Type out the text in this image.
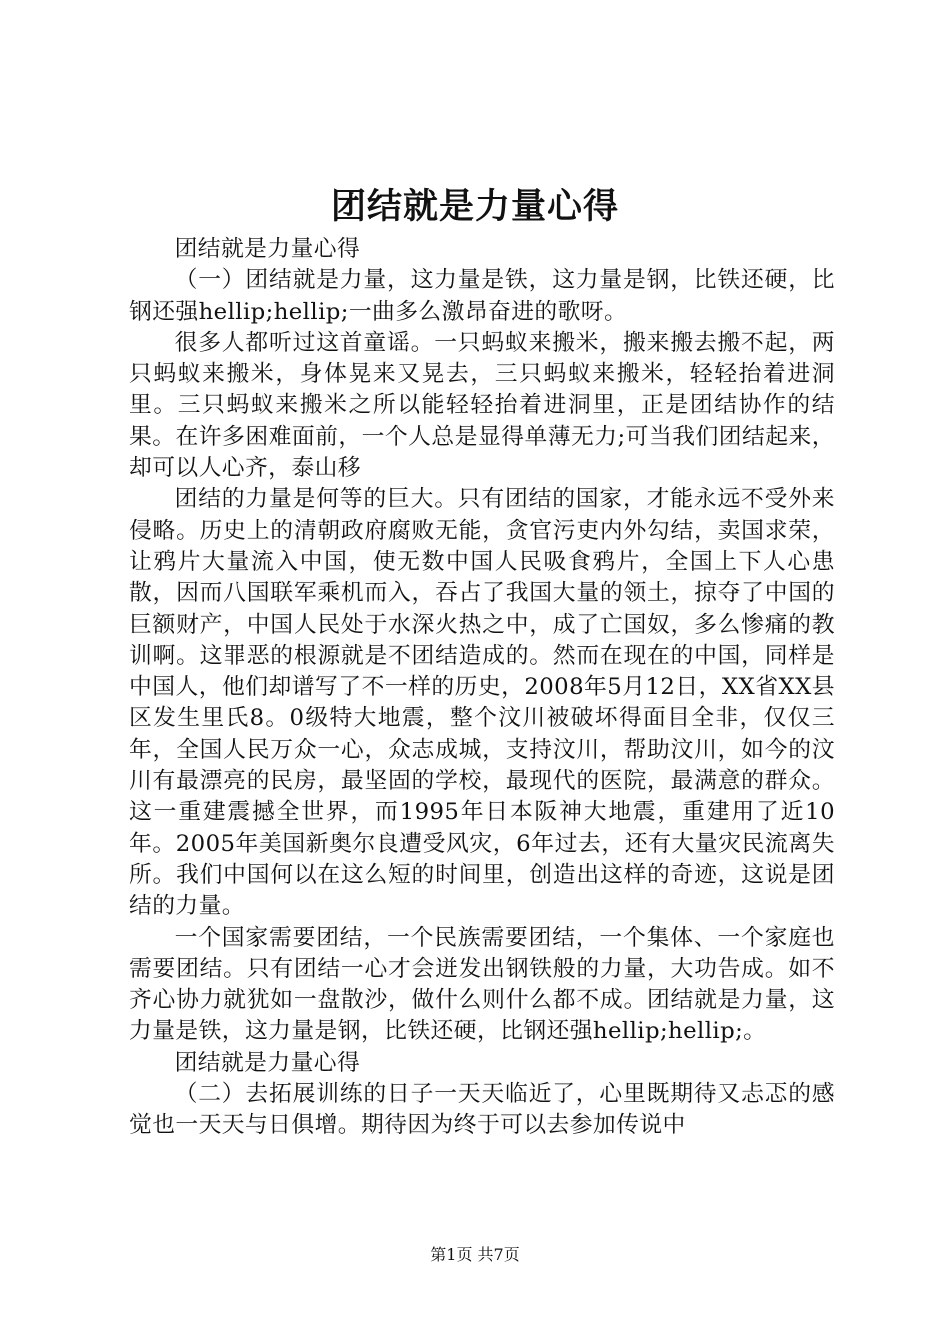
团结就是力量心得

团结就是力量心得

（一）团结就是力量，这力量是铁，这力量是钢，比铁还硬，比钢还强hellip;hellip;一曲多么激昂奋进的歌呀。

很多人都听过这首童谣。一只蚂蚁来搬米，搬来搬去搬不起，两只蚂蚁来搬米，身体晃来又晃去，三只蚂蚁来搬米，轻轻抬着进洞里。三只蚂蚁来搬米之所以能轻轻抬着进洞里，正是团结协作的结果。在许多困难面前，一个人总是显得单薄无力;可当我们团结起来，却可以人心齐，泰山移

团结的力量是何等的巨大。只有团结的国家，才能永远不受外来侵略。历史上的清朝政府腐败无能，贪官污吏内外勾结，卖国求荣，让鸦片大量流入中国，使无数中国人民吸食鸦片，全国上下人心患散，因而八国联军乘机而入，吞占了我国大量的领土，掠夺了中国的巨额财产，中国人民处于水深火热之中，成了亡国奴，多么惨痛的教训啊。这罪恶的根源就是不团结造成的。然而在现在的中国，同样是中国人，他们却谱写了不一样的历史，2008年5月12日，XX省XX县区发生里氏8。0级特大地震，整个汶川被破坏得面目全非，仅仅三年，全国人民万众一心，众志成城，支持汶川，帮助汶川，如今的汶川有最漂亮的民房，最坚固的学校，最现代的医院，最满意的群众。这一重建震撼全世界，而1995年日本阪神大地震，重建用了近10年。2005年美国新奥尔良遭受风灾，6年过去，还有大量灾民流离失所。我们中国何以在这么短的时间里，创造出这样的奇迹，这说是团结的力量。

一个国家需要团结，一个民族需要团结，一个集体、一个家庭也需要团结。只有团结一心才会迸发出钢铁般的力量，大功告成。如不齐心协力就犹如一盘散沙，做什么则什么都不成。团结就是力量，这力量是铁，这力量是钢，比铁还硬，比钢还强hellip;hellip;。

团结就是力量心得

（二）去拓展训练的日子一天天临近了，心里既期待又忐忑的感觉也一天天与日俱增。期待因为终于可以去参加传说中

第1页 共7页
